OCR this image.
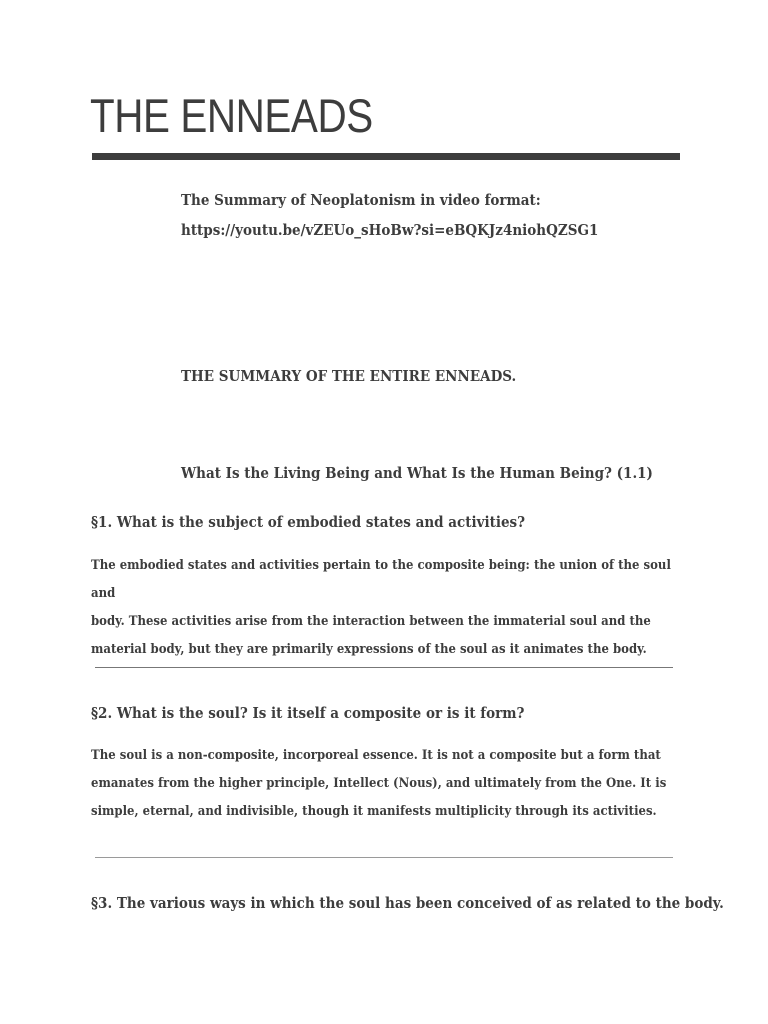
THE ENNEADS

The Summary of Neoplatonism in video format:

https://youtu.be/vZEUo_sHoBw?si=eBQKJz4niohQZSG1

THE SUMMARY OF THE ENTIRE ENNEADS.

What Is the Living Being and What Is the Human Being? (1.1)

§1. What is the subject of embodied states and activities?
The embodied states and activities pertain to the composite being: the union of the soul and
body. These activities arise from the interaction between the immaterial soul and the
material body, but they are primarily expressions of the soul as it animates the body.
§2. What is the soul? Is it itself a composite or is it form?
The soul is a non-composite, incorporeal essence. It is not a composite but a form that
emanates from the higher principle, Intellect (Nous), and ultimately from the One. It is
simple, eternal, and indivisible, though it manifests multiplicity through its activities.
§3. The various ways in which the soul has been conceived of as related to the body.
